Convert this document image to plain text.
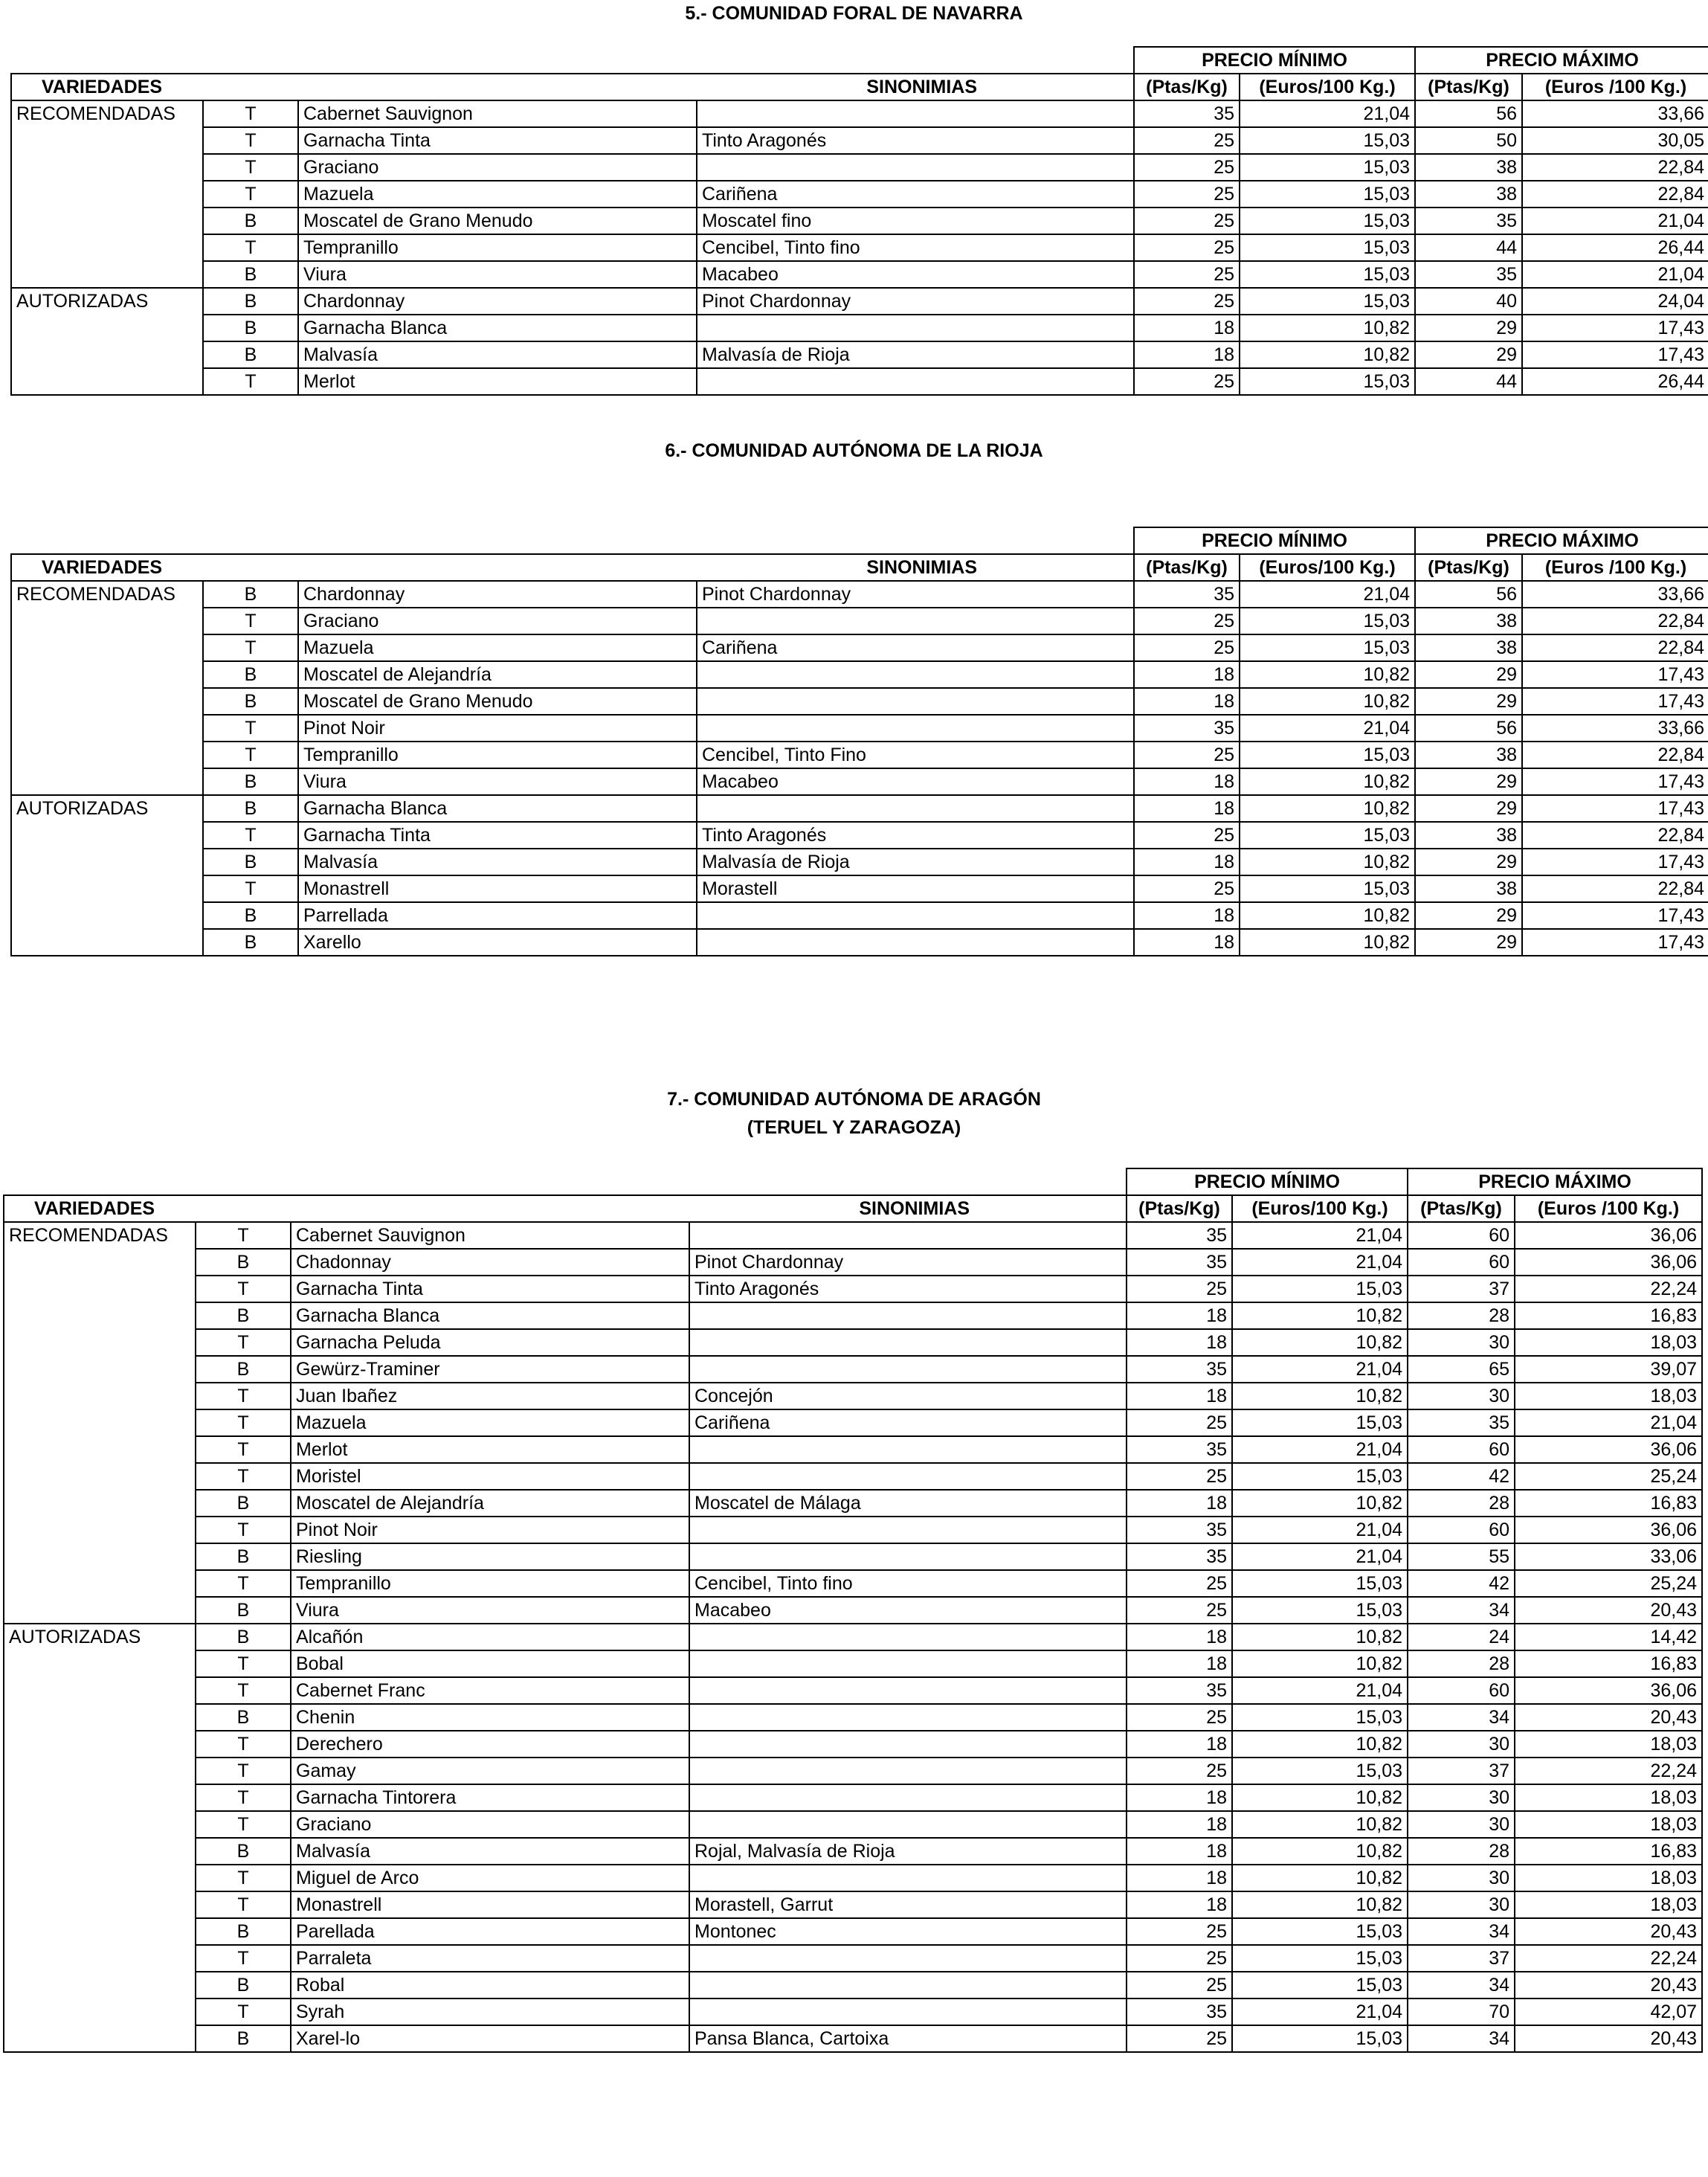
5.- COMUNIDAD FORAL DE NAVARRA
				PRECIO MÍNIMO		PRECIO MÁXIMO	
VARIEDADES			SINONIMIAS	(Ptas/Kg)	(Euros/100 Kg.)	(Ptas/Kg)	(Euros /100 Kg.)
RECOMENDADAS	T	Cabernet Sauvignon		35	21,04	56	33,66
	T	Garnacha Tinta	Tinto Aragonés	25	15,03	50	30,05
	T	Graciano		25	15,03	38	22,84
	T	Mazuela	Cariñena	25	15,03	38	22,84
	B	Moscatel de Grano Menudo	Moscatel fino	25	15,03	35	21,04
	T	Tempranillo	Cencibel, Tinto fino	25	15,03	44	26,44
	B	Viura	Macabeo	25	15,03	35	21,04
AUTORIZADAS	B	Chardonnay	Pinot Chardonnay	25	15,03	40	24,04
	B	Garnacha Blanca		18	10,82	29	17,43
	B	Malvasía	Malvasía de Rioja	18	10,82	29	17,43
	T	Merlot		25	15,03	44	26,44
6.- COMUNIDAD AUTÓNOMA DE LA RIOJA
				PRECIO MÍNIMO		PRECIO MÁXIMO	
VARIEDADES			SINONIMIAS	(Ptas/Kg)	(Euros/100 Kg.)	(Ptas/Kg)	(Euros /100 Kg.)
RECOMENDADAS	B	Chardonnay	Pinot Chardonnay	35	21,04	56	33,66
	T	Graciano		25	15,03	38	22,84
	T	Mazuela	Cariñena	25	15,03	38	22,84
	B	Moscatel de Alejandría		18	10,82	29	17,43
	B	Moscatel de Grano Menudo		18	10,82	29	17,43
	T	Pinot Noir		35	21,04	56	33,66
	T	Tempranillo	Cencibel, Tinto Fino	25	15,03	38	22,84
	B	Viura	Macabeo	18	10,82	29	17,43
AUTORIZADAS	B	Garnacha Blanca		18	10,82	29	17,43
	T	Garnacha Tinta	Tinto Aragonés	25	15,03	38	22,84
	B	Malvasía	Malvasía de Rioja	18	10,82	29	17,43
	T	Monastrell	Morastell	25	15,03	38	22,84
	B	Parrellada		18	10,82	29	17,43
	B	Xarello		18	10,82	29	17,43
7.- COMUNIDAD AUTÓNOMA DE ARAGÓN
(TERUEL Y ZARAGOZA)
				PRECIO MÍNIMO		PRECIO MÁXIMO	
VARIEDADES			SINONIMIAS	(Ptas/Kg)	(Euros/100 Kg.)	(Ptas/Kg)	(Euros /100 Kg.)
RECOMENDADAS	T	Cabernet Sauvignon		35	21,04	60	36,06
	B	Chadonnay	Pinot Chardonnay	35	21,04	60	36,06
	T	Garnacha Tinta	Tinto Aragonés	25	15,03	37	22,24
	B	Garnacha Blanca		18	10,82	28	16,83
	T	Garnacha Peluda		18	10,82	30	18,03
	B	Gewürz-Traminer		35	21,04	65	39,07
	T	Juan Ibañez	Concejón	18	10,82	30	18,03
	T	Mazuela	Cariñena	25	15,03	35	21,04
	T	Merlot		35	21,04	60	36,06
	T	Moristel		25	15,03	42	25,24
	B	Moscatel de Alejandría	Moscatel de Málaga	18	10,82	28	16,83
	T	Pinot Noir		35	21,04	60	36,06
	B	Riesling		35	21,04	55	33,06
	T	Tempranillo	Cencibel, Tinto fino	25	15,03	42	25,24
	B	Viura	Macabeo	25	15,03	34	20,43
AUTORIZADAS	B	Alcañón		18	10,82	24	14,42
	T	Bobal		18	10,82	28	16,83
	T	Cabernet Franc		35	21,04	60	36,06
	B	Chenin		25	15,03	34	20,43
	T	Derechero		18	10,82	30	18,03
	T	Gamay		25	15,03	37	22,24
	T	Garnacha Tintorera		18	10,82	30	18,03
	T	Graciano		18	10,82	30	18,03
	B	Malvasía	Rojal, Malvasía de Rioja	18	10,82	28	16,83
	T	Miguel de Arco		18	10,82	30	18,03
	T	Monastrell	Morastell, Garrut	18	10,82	30	18,03
	B	Parellada	Montonec	25	15,03	34	20,43
	T	Parraleta		25	15,03	37	22,24
	B	Robal		25	15,03	34	20,43
	T	Syrah		35	21,04	70	42,07
	B	Xarel-lo	Pansa Blanca, Cartoixa	25	15,03	34	20,43
